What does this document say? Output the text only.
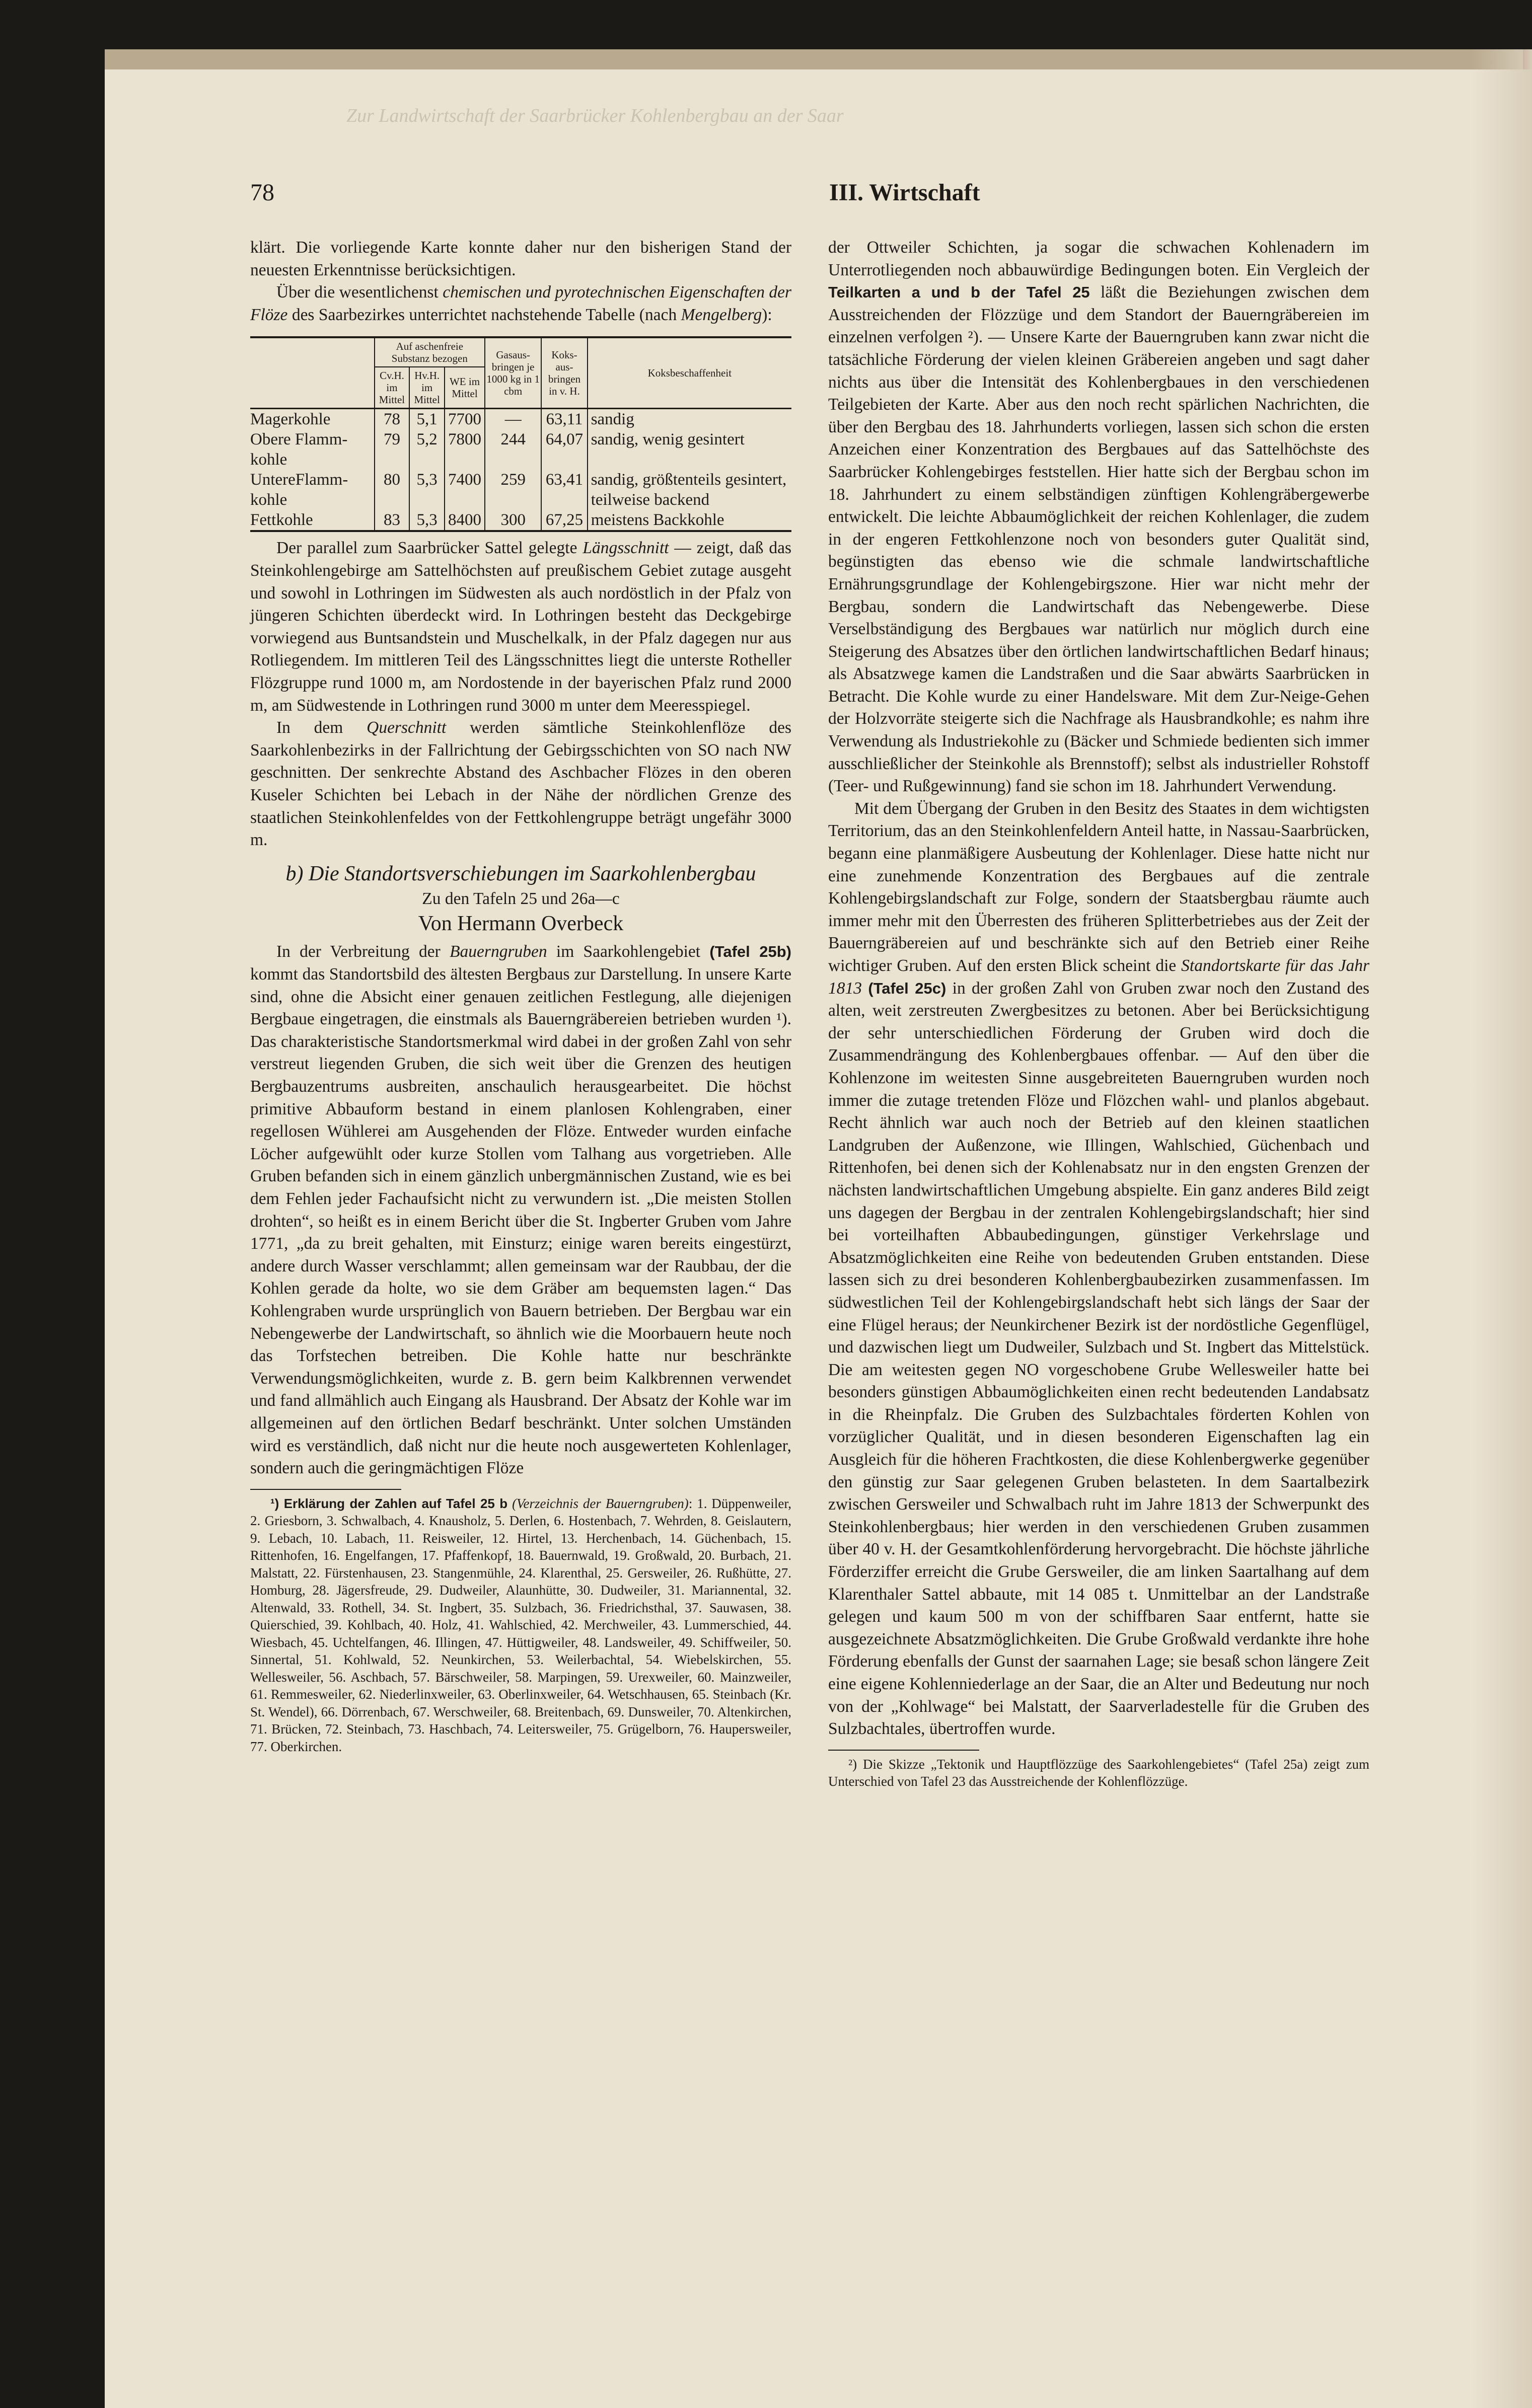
Zur Landwirtschaft der Saarbrücker Kohlenbergbau an der Saar
78	III. Wirtschaft

klärt. Die vorliegende Karte konnte daher nur den bisherigen Stand der neuesten Erkenntnisse berücksichtigen.

Über die wesentlichenst chemischen und pyrotechnischen Eigenschaften der Flöze des Saarbezirkes unterrichtet nachstehende Tabelle (nach Mengelberg):

	Auf aschenfreie Substanz bezogen			Gasaus-bringen je 1000 kg in 1 cbm	Koks-aus-bringen in v. H.	Koksbeschaffenheit
	Cv.H. im Mittel	Hv.H. im Mittel	WE im Mittel			
Magerkohle	78	5,1	7700	—	63,11	sandig
Obere Flamm-kohle	79	5,2	7800	244	64,07	sandig, wenig gesintert
UntereFlamm-kohle	80	5,3	7400	259	63,41	sandig, größtenteils gesintert, teilweise backend
Fettkohle	83	5,3	8400	300	67,25	meistens Backkohle

Der parallel zum Saarbrücker Sattel gelegte Längsschnitt — zeigt, daß das Steinkohlengebirge am Sattelhöchsten auf preußischem Gebiet zutage ausgeht und sowohl in Lothringen im Südwesten als auch nordöstlich in der Pfalz von jüngeren Schichten überdeckt wird. In Lothringen besteht das Deckgebirge vorwiegend aus Buntsandstein und Muschelkalk, in der Pfalz dagegen nur aus Rotliegendem. Im mittleren Teil des Längsschnittes liegt die unterste Rotheller Flözgruppe rund 1000 m, am Nordostende in der bayerischen Pfalz rund 2000 m, am Südwestende in Lothringen rund 3000 m unter dem Meeresspiegel.

In dem Querschnitt werden sämtliche Steinkohlenflöze des Saarkohlenbezirks in der Fallrichtung der Gebirgsschichten von SO nach NW geschnitten. Der senkrechte Abstand des Aschbacher Flözes in den oberen Kuseler Schichten bei Lebach in der Nähe der nördlichen Grenze des staatlichen Steinkohlenfeldes von der Fettkohlengruppe beträgt ungefähr 3000 m.

b) Die Standortsverschiebungen im Saarkohlenbergbau
Zu den Tafeln 25 und 26a—c
Von Hermann Overbeck

In der Verbreitung der Bauerngruben im Saarkohlengebiet (Tafel 25b) kommt das Standortsbild des ältesten Bergbaus zur Darstellung. In unsere Karte sind, ohne die Absicht einer genauen zeitlichen Festlegung, alle diejenigen Bergbaue eingetragen, die einstmals als Bauerngräbereien betrieben wurden ¹). Das charakteristische Standortsmerkmal wird dabei in der großen Zahl von sehr verstreut liegenden Gruben, die sich weit über die Grenzen des heutigen Bergbauzentrums ausbreiten, anschaulich herausgearbeitet. Die höchst primitive Abbauform bestand in einem planlosen Kohlengraben, einer regellosen Wühlerei am Ausgehenden der Flöze. Entweder wurden einfache Löcher aufgewühlt oder kurze Stollen vom Talhang aus vorgetrieben. Alle Gruben befanden sich in einem gänzlich unbergmännischen Zustand, wie es bei dem Fehlen jeder Fachaufsicht nicht zu verwundern ist. „Die meisten Stollen drohten“, so heißt es in einem Bericht über die St. Ingberter Gruben vom Jahre 1771, „da zu breit gehalten, mit Einsturz; einige waren bereits eingestürzt, andere durch Wasser verschlammt; allen gemeinsam war der Raubbau, der die Kohlen gerade da holte, wo sie dem Gräber am bequemsten lagen.“ Das Kohlengraben wurde ursprünglich von Bauern betrieben. Der Bergbau war ein Nebengewerbe der Landwirtschaft, so ähnlich wie die Moorbauern heute noch das Torfstechen betreiben. Die Kohle hatte nur beschränkte Verwendungsmöglichkeiten, wurde z. B. gern beim Kalkbrennen verwendet und fand allmählich auch Eingang als Hausbrand. Der Absatz der Kohle war im allgemeinen auf den örtlichen Bedarf beschränkt. Unter solchen Umständen wird es verständlich, daß nicht nur die heute noch ausgewerteten Kohlenlager, sondern auch die geringmächtigen Flöze

¹) Erklärung der Zahlen auf Tafel 25 b (Verzeichnis der Bauerngruben): 1. Düppenweiler, 2. Griesborn, 3. Schwalbach, 4. Knausholz, 5. Derlen, 6. Hostenbach, 7. Wehrden, 8. Geislautern, 9. Lebach, 10. Labach, 11. Reisweiler, 12. Hirtel, 13. Herchenbach, 14. Güchenbach, 15. Rittenhofen, 16. Engelfangen, 17. Pfaffenkopf, 18. Bauernwald, 19. Großwald, 20. Burbach, 21. Malstatt, 22. Fürstenhausen, 23. Stangenmühle, 24. Klarenthal, 25. Gersweiler, 26. Rußhütte, 27. Homburg, 28. Jägersfreude, 29. Dudweiler, Alaunhütte, 30. Dudweiler, 31. Mariannental, 32. Altenwald, 33. Rothell, 34. St. Ingbert, 35. Sulzbach, 36. Friedrichsthal, 37. Sauwasen, 38. Quierschied, 39. Kohlbach, 40. Holz, 41. Wahlschied, 42. Merchweiler, 43. Lummerschied, 44. Wiesbach, 45. Uchtelfangen, 46. Illingen, 47. Hüttigweiler, 48. Landsweiler, 49. Schiffweiler, 50. Sinnertal, 51. Kohlwald, 52. Neunkirchen, 53. Weilerbachtal, 54. Wiebelskirchen, 55. Wellesweiler, 56. Aschbach, 57. Bärschweiler, 58. Marpingen, 59. Urexweiler, 60. Mainzweiler, 61. Remmesweiler, 62. Niederlinxweiler, 63. Oberlinxweiler, 64. Wetschhausen, 65. Steinbach (Kr. St. Wendel), 66. Dörrenbach, 67. Werschweiler, 68. Breitenbach, 69. Dunsweiler, 70. Altenkirchen, 71. Brücken, 72. Steinbach, 73. Haschbach, 74. Leitersweiler, 75. Grügelborn, 76. Haupersweiler, 77. Oberkirchen.

der Ottweiler Schichten, ja sogar die schwachen Kohlenadern im Unterrotliegenden noch abbauwürdige Bedingungen boten. Ein Vergleich der Teilkarten a und b der Tafel 25 läßt die Beziehungen zwischen dem Ausstreichenden der Flözzüge und dem Standort der Bauerngräbereien im einzelnen verfolgen ²). — Unsere Karte der Bauerngruben kann zwar nicht die tatsächliche Förderung der vielen kleinen Gräbereien angeben und sagt daher nichts aus über die Intensität des Kohlenbergbaues in den verschiedenen Teilgebieten der Karte. Aber aus den noch recht spärlichen Nachrichten, die über den Bergbau des 18. Jahrhunderts vorliegen, lassen sich schon die ersten Anzeichen einer Konzentration des Bergbaues auf das Sattelhöchste des Saarbrücker Kohlengebirges feststellen. Hier hatte sich der Bergbau schon im 18. Jahrhundert zu einem selbständigen zünftigen Kohlengräbergewerbe entwickelt. Die leichte Abbaumöglichkeit der reichen Kohlenlager, die zudem in der engeren Fettkohlenzone noch von besonders guter Qualität sind, begünstigten das ebenso wie die schmale landwirtschaftliche Ernährungsgrundlage der Kohlengebirgszone. Hier war nicht mehr der Bergbau, sondern die Landwirtschaft das Nebengewerbe. Diese Verselbständigung des Bergbaues war natürlich nur möglich durch eine Steigerung des Absatzes über den örtlichen landwirtschaftlichen Bedarf hinaus; als Absatzwege kamen die Landstraßen und die Saar abwärts Saarbrücken in Betracht. Die Kohle wurde zu einer Handelsware. Mit dem Zur-Neige-Gehen der Holzvorräte steigerte sich die Nachfrage als Hausbrandkohle; es nahm ihre Verwendung als Industriekohle zu (Bäcker und Schmiede bedienten sich immer ausschließlicher der Steinkohle als Brennstoff); selbst als industrieller Rohstoff (Teer- und Rußgewinnung) fand sie schon im 18. Jahrhundert Verwendung.

Mit dem Übergang der Gruben in den Besitz des Staates in dem wichtigsten Territorium, das an den Steinkohlenfeldern Anteil hatte, in Nassau-Saarbrücken, begann eine planmäßigere Ausbeutung der Kohlenlager. Diese hatte nicht nur eine zunehmende Konzentration des Bergbaues auf die zentrale Kohlengebirgslandschaft zur Folge, sondern der Staatsbergbau räumte auch immer mehr mit den Überresten des früheren Splitterbetriebes aus der Zeit der Bauerngräbereien auf und beschränkte sich auf den Betrieb einer Reihe wichtiger Gruben. Auf den ersten Blick scheint die Standortskarte für das Jahr 1813 (Tafel 25c) in der großen Zahl von Gruben zwar noch den Zustand des alten, weit zerstreuten Zwergbesitzes zu betonen. Aber bei Berücksichtigung der sehr unterschiedlichen Förderung der Gruben wird doch die Zusammendrängung des Kohlenbergbaues offenbar. — Auf den über die Kohlenzone im weitesten Sinne ausgebreiteten Bauerngruben wurden noch immer die zutage tretenden Flöze und Flözchen wahl- und planlos abgebaut. Recht ähnlich war auch noch der Betrieb auf den kleinen staatlichen Landgruben der Außenzone, wie Illingen, Wahlschied, Güchenbach und Rittenhofen, bei denen sich der Kohlenabsatz nur in den engsten Grenzen der nächsten landwirtschaftlichen Umgebung abspielte. Ein ganz anderes Bild zeigt uns dagegen der Bergbau in der zentralen Kohlengebirgslandschaft; hier sind bei vorteilhaften Abbaubedingungen, günstiger Verkehrslage und Absatzmöglichkeiten eine Reihe von bedeutenden Gruben entstanden. Diese lassen sich zu drei besonderen Kohlenbergbaubezirken zusammenfassen. Im südwestlichen Teil der Kohlengebirgslandschaft hebt sich längs der Saar der eine Flügel heraus; der Neunkirchener Bezirk ist der nordöstliche Gegenflügel, und dazwischen liegt um Dudweiler, Sulzbach und St. Ingbert das Mittelstück. Die am weitesten gegen NO vorgeschobene Grube Wellesweiler hatte bei besonders günstigen Abbaumöglichkeiten einen recht bedeutenden Landabsatz in die Rheinpfalz. Die Gruben des Sulzbachtales förderten Kohlen von vorzüglicher Qualität, und in diesen besonderen Eigenschaften lag ein Ausgleich für die höheren Frachtkosten, die diese Kohlenbergwerke gegenüber den günstig zur Saar gelegenen Gruben belasteten. In dem Saartalbezirk zwischen Gersweiler und Schwalbach ruht im Jahre 1813 der Schwerpunkt des Steinkohlenbergbaus; hier werden in den verschiedenen Gruben zusammen über 40 v. H. der Gesamtkohlenförderung hervorgebracht. Die höchste jährliche Förderziffer erreicht die Grube Gersweiler, die am linken Saartalhang auf dem Klarenthaler Sattel abbaute, mit 14 085 t. Unmittelbar an der Landstraße gelegen und kaum 500 m von der schiffbaren Saar entfernt, hatte sie ausgezeichnete Absatzmöglichkeiten. Die Grube Großwald verdankte ihre hohe Förderung ebenfalls der Gunst der saarnahen Lage; sie besaß schon längere Zeit eine eigene Kohlenniederlage an der Saar, die an Alter und Bedeutung nur noch von der „Kohlwage“ bei Malstatt, der Saarverladestelle für die Gruben des Sulzbachtales, übertroffen wurde.

²) Die Skizze „Tektonik und Hauptflözzüge des Saarkohlengebietes“ (Tafel 25a) zeigt zum Unterschied von Tafel 23 das Ausstreichende der Kohlenflözzüge.
